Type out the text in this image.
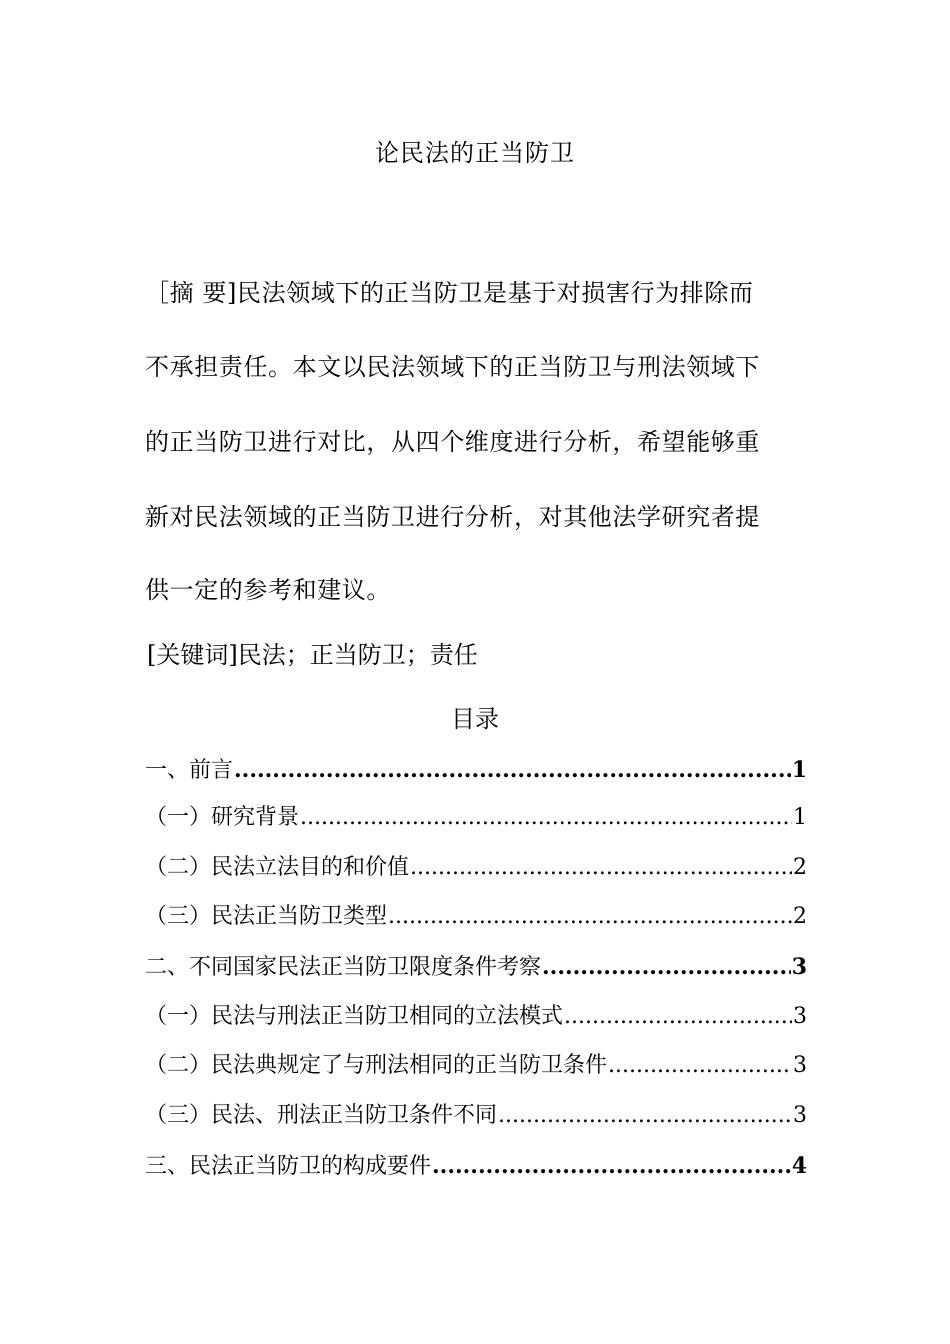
论民法的正当防卫
［摘 要]民法领域下的正当防卫是基于对损害行为排除而
不承担责任。本文以民法领域下的正当防卫与刑法领域下
的正当防卫进行对比，从四个维度进行分析，希望能够重
新对民法领域的正当防卫进行分析，对其他法学研究者提
供一定的参考和建议。
[关键词]民法；正当防卫；责任
目录
一、前言 .....	1
（一）研究背景 .....	1
（二）民法立法目的和价值 .....	2
（三）民法正当防卫类型 .....	2
二、不同国家民法正当防卫限度条件考察 .....	3
（一）民法与刑法正当防卫相同的立法模式 .....	3
（二）民法典规定了与刑法相同的正当防卫条件 .....	3
（三）民法、刑法正当防卫条件不同 .....	3
三、民法正当防卫的构成要件 .....	4
